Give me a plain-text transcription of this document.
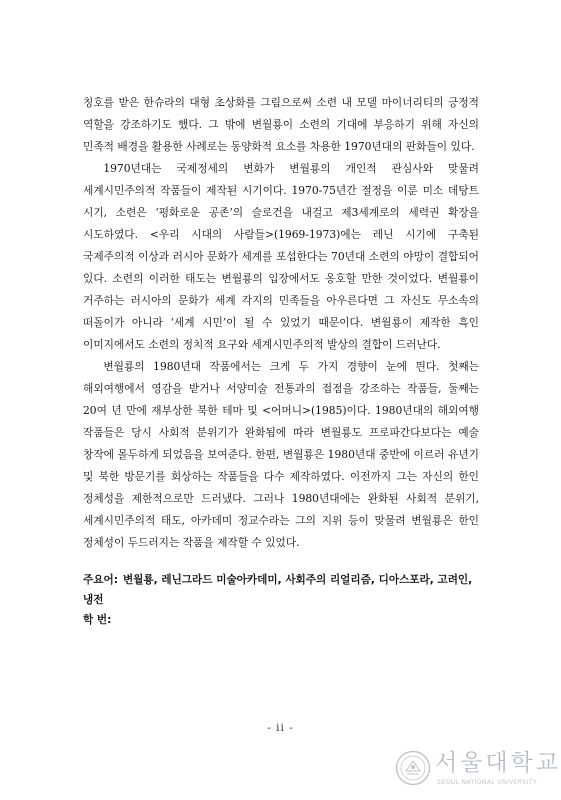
칭호를 받은 한슈라의 대형 초상화를 그림으로써 소련 내 모델 마이너리티의 긍정적 역할을 강조하기도 했다. 그 밖에 변월룡이 소련의 기대에 부응하기 위해 자신의 민족적 배경을 활용한 사례로는 동양화적 요소를 차용한 1970년대의 판화들이 있다.

1970년대는 국제정세의 변화가 변월룡의 개인적 관심사와 맞물려 세계시민주의적 작품들이 제작된 시기이다. 1970-75년간 절정을 이룬 미소 데탕트 시기, 소련은 ‘평화로운 공존’의 슬로건을 내걸고 제3세계로의 세력권 확장을 시도하였다. <우리 시대의 사람들>(1969-1973)에는 레닌 시기에 구축된 국제주의적 이상과 러시아 문화가 세계를 포섭한다는 70년대 소련의 야망이 결합되어 있다. 소련의 이러한 태도는 변월룡의 입장에서도 옹호할 만한 것이었다. 변월룡이 거주하는 러시아의 문화가 세계 각지의 민족들을 아우른다면 그 자신도 무소속의 떠돌이가 아니라 ‘세계 시민’이 될 수 있었기 때문이다. 변월룡이 제작한 흑인 이미지에서도 소련의 정치적 요구와 세계시민주의적 발상의 결합이 드러난다.

변월룡의 1980년대 작품에서는 크게 두 가지 경향이 눈에 띈다. 첫째는 해외여행에서 영감을 받거나 서양미술 전통과의 접점을 강조하는 작품들, 둘째는 20여 년 만에 재부상한 북한 테마 및 <어머니>(1985)이다. 1980년대의 해외여행 작품들은 당시 사회적 분위기가 완화됨에 따라 변월룡도 프로파간다보다는 예술 창작에 몰두하게 되었음을 보여준다. 한편, 변월룡은 1980년대 중반에 이르러 유년기 및 북한 방문기를 회상하는 작품들을 다수 제작하였다. 이전까지 그는 자신의 한인 정체성을 제한적으로만 드러냈다. 그러나 1980년대에는 완화된 사회적 분위기, 세계시민주의적 태도, 아카데미 정교수라는 그의 지위 등이 맞물려 변월룡은 한인 정체성이 두드러지는 작품을 제작할 수 있었다.

주요어: 변월룡, 레닌그라드 미술아카데미, 사회주의 리얼리즘, 디아스포라, 고려인, 냉전
학 번:
- ii -
서울대학교
SEOUL NATIONAL UNIVERSITY
